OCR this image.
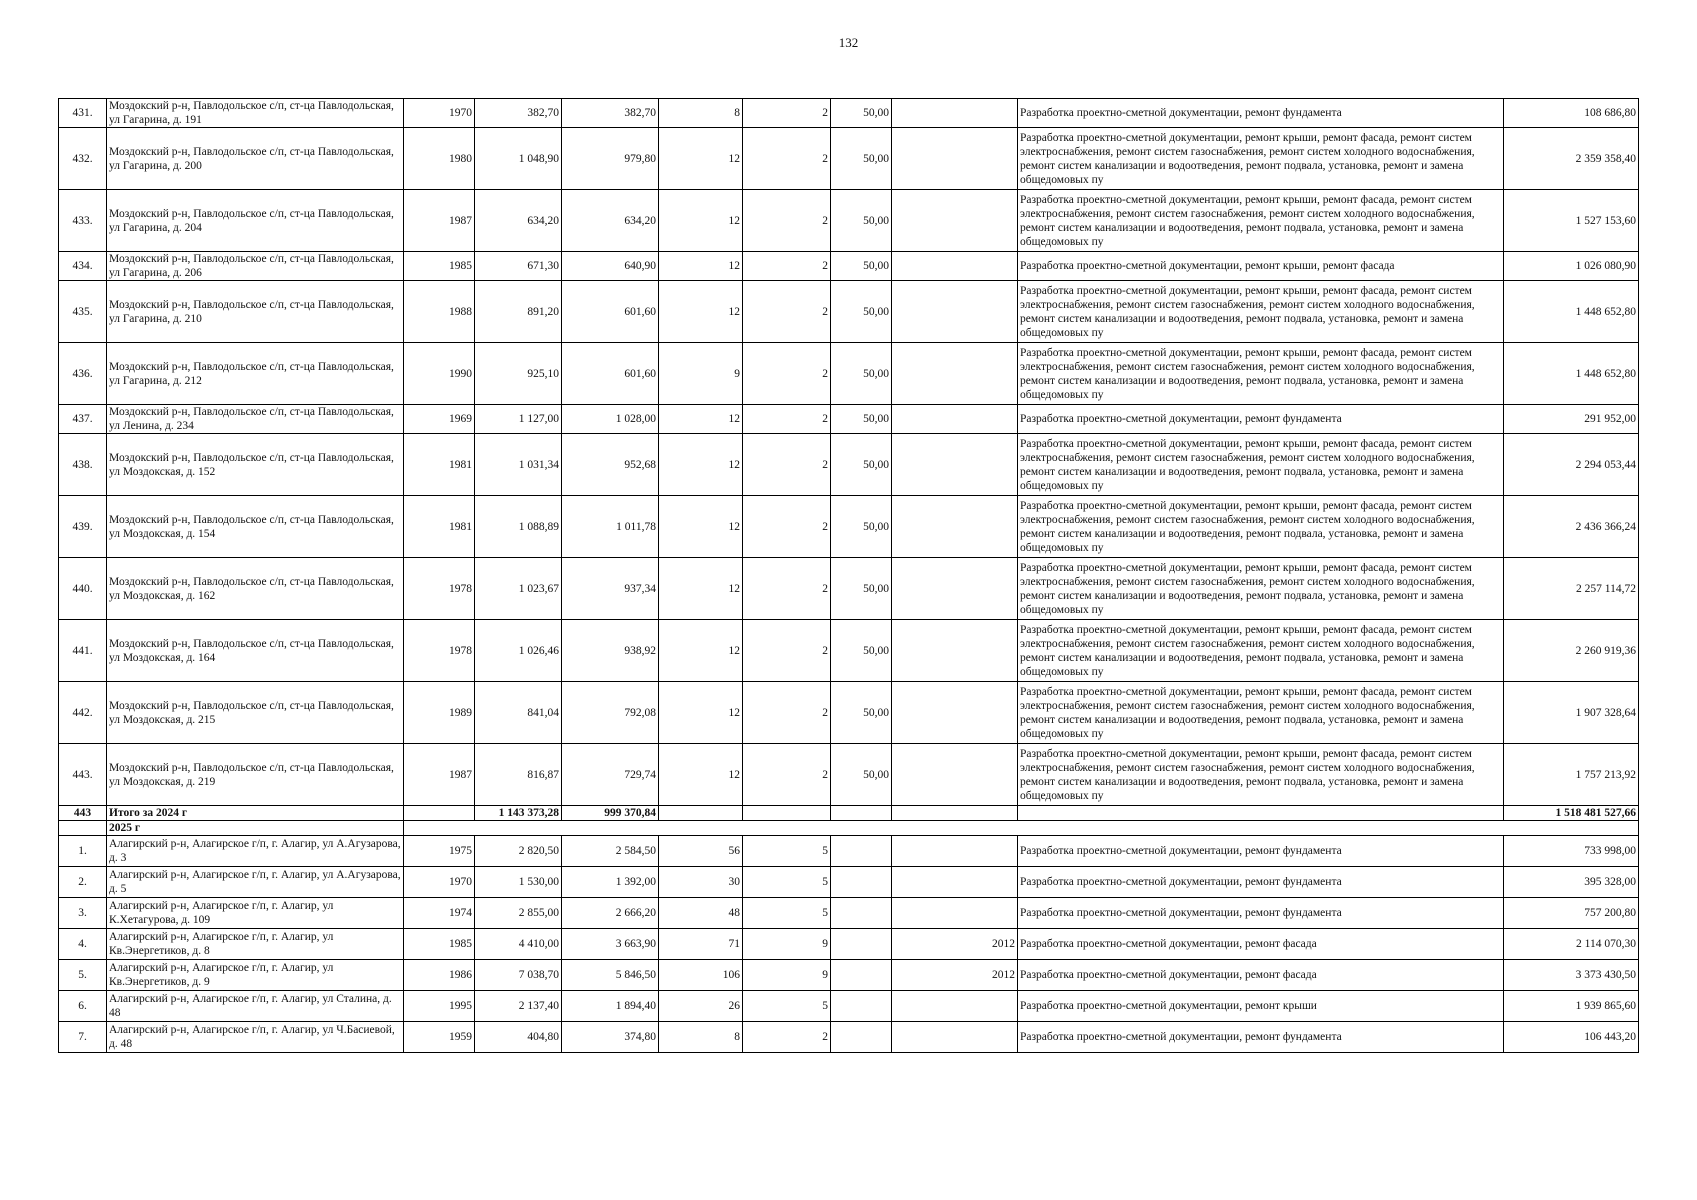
132
431.	Моздокский р-н, Павлодольское с/п, ст-ца Павлодольская, ул Гагарина, д. 191	1970	382,70	382,70	8	2	50,00		Разработка проектно-сметной документации, ремонт фундамента	108 686,80
432.	Моздокский р-н, Павлодольское с/п, ст-ца Павлодольская, ул Гагарина, д. 200	1980	1 048,90	979,80	12	2	50,00		Разработка проектно-сметной документации, ремонт крыши, ремонт фасада, ремонт систем электроснабжения, ремонт систем газоснабжения, ремонт систем холодного водоснабжения, ремонт систем канализации и водоотведения, ремонт подвала, установка, ремонт и замена общедомовых пу	2 359 358,40
433.	Моздокский р-н, Павлодольское с/п, ст-ца Павлодольская, ул Гагарина, д. 204	1987	634,20	634,20	12	2	50,00		Разработка проектно-сметной документации, ремонт крыши, ремонт фасада, ремонт систем электроснабжения, ремонт систем газоснабжения, ремонт систем холодного водоснабжения, ремонт систем канализации и водоотведения, ремонт подвала, установка, ремонт и замена общедомовых пу	1 527 153,60
434.	Моздокский р-н, Павлодольское с/п, ст-ца Павлодольская, ул Гагарина, д. 206	1985	671,30	640,90	12	2	50,00		Разработка проектно-сметной документации, ремонт крыши, ремонт фасада	1 026 080,90
435.	Моздокский р-н, Павлодольское с/п, ст-ца Павлодольская, ул Гагарина, д. 210	1988	891,20	601,60	12	2	50,00		Разработка проектно-сметной документации, ремонт крыши, ремонт фасада, ремонт систем электроснабжения, ремонт систем газоснабжения, ремонт систем холодного водоснабжения, ремонт систем канализации и водоотведения, ремонт подвала, установка, ремонт и замена общедомовых пу	1 448 652,80
436.	Моздокский р-н, Павлодольское с/п, ст-ца Павлодольская, ул Гагарина, д. 212	1990	925,10	601,60	9	2	50,00		Разработка проектно-сметной документации, ремонт крыши, ремонт фасада, ремонт систем электроснабжения, ремонт систем газоснабжения, ремонт систем холодного водоснабжения, ремонт систем канализации и водоотведения, ремонт подвала, установка, ремонт и замена общедомовых пу	1 448 652,80
437.	Моздокский р-н, Павлодольское с/п, ст-ца Павлодольская, ул Ленина, д. 234	1969	1 127,00	1 028,00	12	2	50,00		Разработка проектно-сметной документации, ремонт фундамента	291 952,00
438.	Моздокский р-н, Павлодольское с/п, ст-ца Павлодольская, ул Моздокская, д. 152	1981	1 031,34	952,68	12	2	50,00		Разработка проектно-сметной документации, ремонт крыши, ремонт фасада, ремонт систем электроснабжения, ремонт систем газоснабжения, ремонт систем холодного водоснабжения, ремонт систем канализации и водоотведения, ремонт подвала, установка, ремонт и замена общедомовых пу	2 294 053,44
439.	Моздокский р-н, Павлодольское с/п, ст-ца Павлодольская, ул Моздокская, д. 154	1981	1 088,89	1 011,78	12	2	50,00		Разработка проектно-сметной документации, ремонт крыши, ремонт фасада, ремонт систем электроснабжения, ремонт систем газоснабжения, ремонт систем холодного водоснабжения, ремонт систем канализации и водоотведения, ремонт подвала, установка, ремонт и замена общедомовых пу	2 436 366,24
440.	Моздокский р-н, Павлодольское с/п, ст-ца Павлодольская, ул Моздокская, д. 162	1978	1 023,67	937,34	12	2	50,00		Разработка проектно-сметной документации, ремонт крыши, ремонт фасада, ремонт систем электроснабжения, ремонт систем газоснабжения, ремонт систем холодного водоснабжения, ремонт систем канализации и водоотведения, ремонт подвала, установка, ремонт и замена общедомовых пу	2 257 114,72
441.	Моздокский р-н, Павлодольское с/п, ст-ца Павлодольская, ул Моздокская, д. 164	1978	1 026,46	938,92	12	2	50,00		Разработка проектно-сметной документации, ремонт крыши, ремонт фасада, ремонт систем электроснабжения, ремонт систем газоснабжения, ремонт систем холодного водоснабжения, ремонт систем канализации и водоотведения, ремонт подвала, установка, ремонт и замена общедомовых пу	2 260 919,36
442.	Моздокский р-н, Павлодольское с/п, ст-ца Павлодольская, ул Моздокская, д. 215	1989	841,04	792,08	12	2	50,00		Разработка проектно-сметной документации, ремонт крыши, ремонт фасада, ремонт систем электроснабжения, ремонт систем газоснабжения, ремонт систем холодного водоснабжения, ремонт систем канализации и водоотведения, ремонт подвала, установка, ремонт и замена общедомовых пу	1 907 328,64
443.	Моздокский р-н, Павлодольское с/п, ст-ца Павлодольская, ул Моздокская, д. 219	1987	816,87	729,74	12	2	50,00		Разработка проектно-сметной документации, ремонт крыши, ремонт фасада, ремонт систем электроснабжения, ремонт систем газоснабжения, ремонт систем холодного водоснабжения, ремонт систем канализации и водоотведения, ремонт подвала, установка, ремонт и замена общедомовых пу	1 757 213,92
443	Итого за 2024 г		1 143 373,28	999 370,84						1 518 481 527,66
	2025 г									
1.	Алагирский р-н, Алагирское г/п, г. Алагир, ул А.Агузарова, д. 3	1975	2 820,50	2 584,50	56	5			Разработка проектно-сметной документации, ремонт фундамента	733 998,00
2.	Алагирский р-н, Алагирское г/п, г. Алагир, ул А.Агузарова, д. 5	1970	1 530,00	1 392,00	30	5			Разработка проектно-сметной документации, ремонт фундамента	395 328,00
3.	Алагирский р-н, Алагирское г/п, г. Алагир, ул К.Хетагурова, д. 109	1974	2 855,00	2 666,20	48	5			Разработка проектно-сметной документации, ремонт фундамента	757 200,80
4.	Алагирский р-н, Алагирское г/п, г. Алагир, ул Кв.Энергетиков, д. 8	1985	4 410,00	3 663,90	71	9		2012	Разработка проектно-сметной документации, ремонт фасада	2 114 070,30
5.	Алагирский р-н, Алагирское г/п, г. Алагир, ул Кв.Энергетиков, д. 9	1986	7 038,70	5 846,50	106	9		2012	Разработка проектно-сметной документации, ремонт фасада	3 373 430,50
6.	Алагирский р-н, Алагирское г/п, г. Алагир, ул Сталина, д. 48	1995	2 137,40	1 894,40	26	5			Разработка проектно-сметной документации, ремонт крыши	1 939 865,60
7.	Алагирский р-н, Алагирское г/п, г. Алагир, ул Ч.Басиевой, д. 48	1959	404,80	374,80	8	2			Разработка проектно-сметной документации, ремонт фундамента	106 443,20
